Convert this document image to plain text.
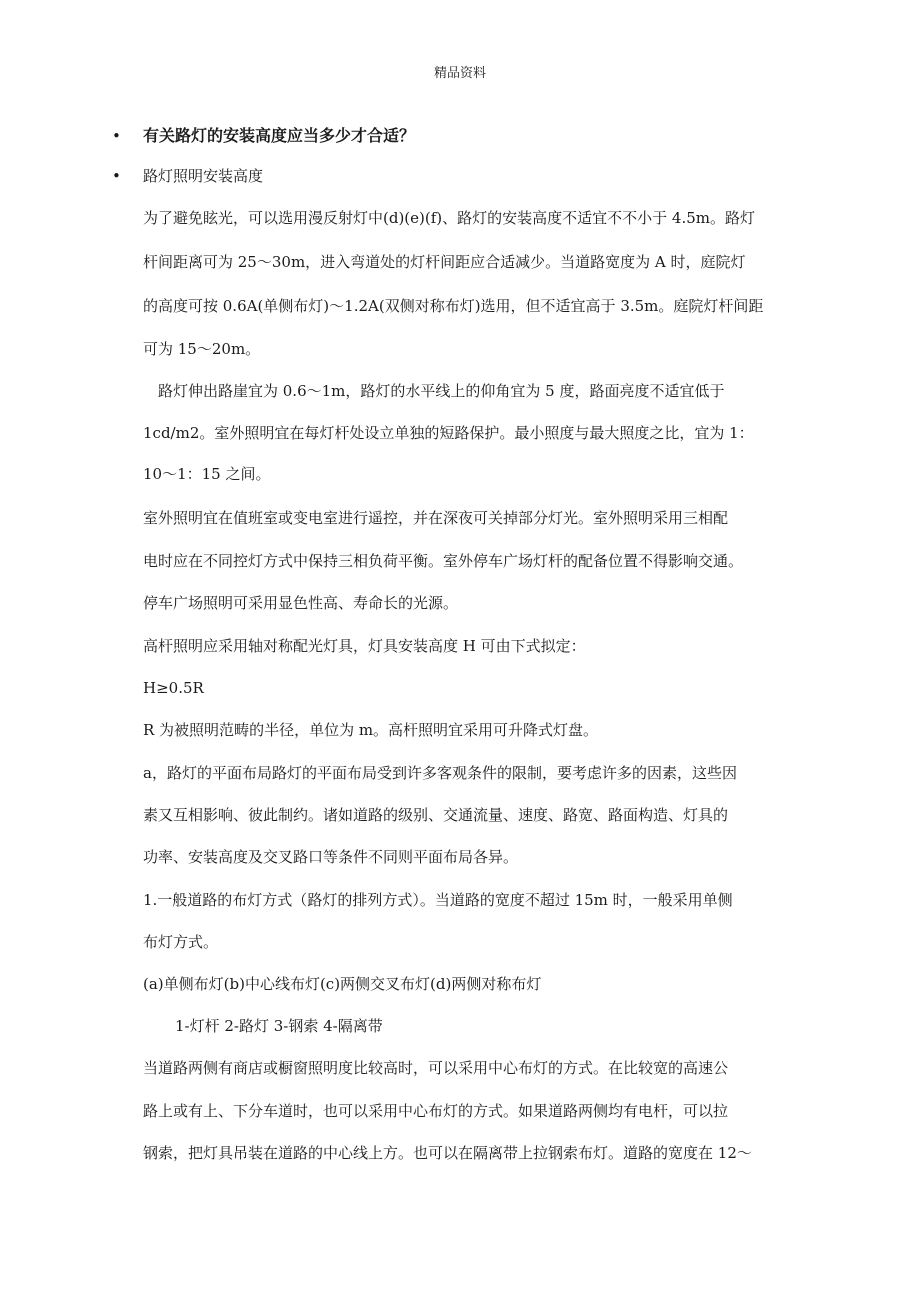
精品资料
•	有关路灯的安装高度应当多少才合适？
•	路灯照明安装高度
为了避免眩光，可以选用漫反射灯中(d)(e)(f)、路灯的安装高度不适宜不不小于 4.5m。路灯
杆间距离可为 25～30m，进入弯道处的灯杆间距应合适减少。当道路宽度为 A 时，庭院灯
的高度可按 0.6A(单侧布灯)～1.2A(双侧对称布灯)选用，但不适宜高于 3.5m。庭院灯杆间距
可为 15～20m。
路灯伸出路崖宜为 0.6～1m，路灯的水平线上的仰角宜为 5 度，路面亮度不适宜低于
1cd/m2。室外照明宜在每灯杆处设立单独的短路保护。最小照度与最大照度之比，宜为 1：
10～1：15 之间。
室外照明宜在值班室或变电室进行遥控，并在深夜可关掉部分灯光。室外照明采用三相配
电时应在不同控灯方式中保持三相负荷平衡。室外停车广场灯杆的配备位置不得影响交通。
停车广场照明可采用显色性高、寿命长的光源。
高杆照明应采用轴对称配光灯具，灯具安装高度 H 可由下式拟定：
H≥0.5R
R 为被照明范畴的半径，单位为 m。高杆照明宜采用可升降式灯盘。
a，路灯的平面布局路灯的平面布局受到许多客观条件的限制，要考虑许多的因素，这些因
素又互相影响、彼此制约。诸如道路的级别、交通流量、速度、路宽、路面构造、灯具的
功率、安装高度及交叉路口等条件不同则平面布局各异。
1.一般道路的布灯方式（路灯的排列方式）。当道路的宽度不超过 15m 时，一般采用单侧
布灯方式。
(a)单侧布灯(b)中心线布灯(c)两侧交叉布灯(d)两侧对称布灯
1-灯杆 2-路灯 3-钢索 4-隔离带
当道路两侧有商店或橱窗照明度比较高时，可以采用中心布灯的方式。在比较宽的高速公
路上或有上、下分车道时，也可以采用中心布灯的方式。如果道路两侧均有电杆，可以拉
钢索，把灯具吊装在道路的中心线上方。也可以在隔离带上拉钢索布灯。道路的宽度在 12～
